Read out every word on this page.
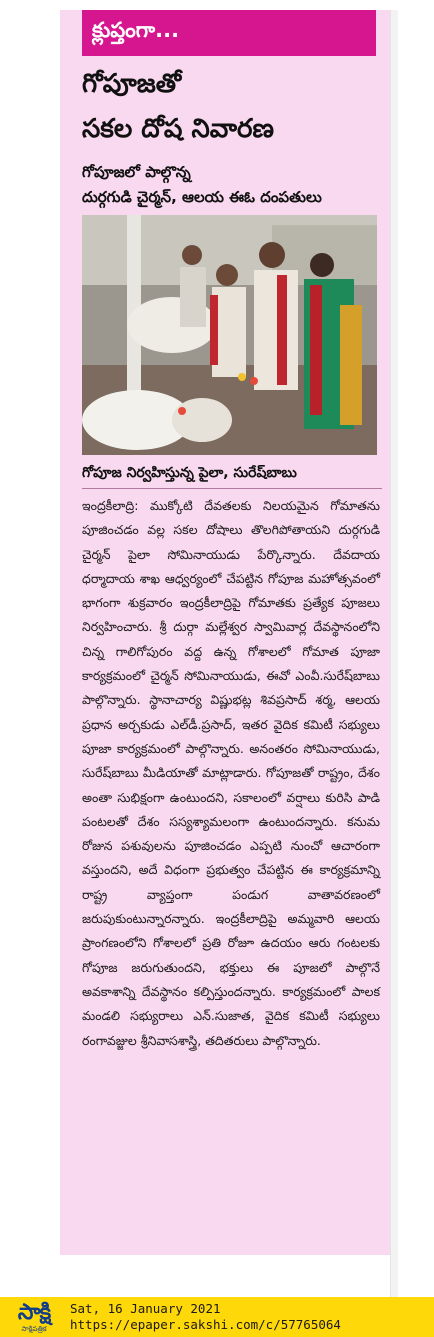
క్లుప్తంగా...
గోపూజతో
సకల దోష నివారణ
గోపూజలో పాల్గొన్న
దుర్గగుడి చైర్మన్‌, ఆలయ ఈఓ దంపతులు
గోపూజ నిర్వహిస్తున్న పైలా, సురేష్‌బాబు
ఇంద్రకీలాద్రి: ముక్కోటి దేవతలకు నిలయమైన గోమాతను పూజించడం వల్ల సకల దోషాలు తొలగిపోతాయని దుర్గగుడి చైర్మన్‌ పైలా సోమినాయుడు పేర్కొన్నారు. దేవదాయ ధర్మాదాయ శాఖ ఆధ్వర్యంలో చేపట్టిన గోపూజ మహోత్సవంలో భాగంగా శుక్రవారం ఇంద్రకీలాద్రిపై గోమాతకు ప్రత్యేక పూజలు నిర్వహించారు. శ్రీ దుర్గా మల్లేశ్వర స్వామివార్ల దేవస్థానంలోని చిన్న గాలిగోపురం వద్ద ఉన్న గోశాలలో గోమాత పూజా కార్యక్రమంలో చైర్మన్‌ సోమినాయుడు, ఈవో ఎంవీ.సురేష్‌బాబు పాల్గొన్నారు. స్థానాచార్య విష్ణుభట్ల శివప్రసాద్‌ శర్మ, ఆలయ ప్రధాన అర్చకుడు ఎల్‌డీ.ప్రసాద్‌, ఇతర వైదిక కమిటీ సభ్యులు పూజా కార్యక్రమంలో పాల్గొన్నారు. అనంతరం సోమినాయుడు, సురేష్‌బాబు మీడియాతో మాట్లాడారు. గోపూజతో రాష్ట్రం, దేశం అంతా సుభిక్షంగా ఉంటుందని, సకాలంలో వర్షాలు కురిసి పాడి పంటలతో దేశం సస్యశ్యామలంగా ఉంటుందన్నారు. కనుమ రోజున పశువులను పూజించడం ఎప్పటి నుంచో ఆచారంగా వస్తుందని, అదే విధంగా ప్రభుత్వం చేపట్టిన ఈ కార్యక్రమాన్ని రాష్ట్ర వ్యాప్తంగా పండుగ వాతావరణంలో జరుపుకుంటున్నారన్నారు. ఇంద్రకీలాద్రిపై అమ్మవారి ఆలయ ప్రాంగణంలోని గోశాలలో ప్రతి రోజూ ఉదయం ఆరు గంటలకు గోపూజ జరుగుతుందని, భక్తులు ఈ పూజలో పాల్గొనే అవకాశాన్ని దేవస్థానం కల్పిస్తుందన్నారు. కార్యక్రమంలో పాలక మండలి సభ్యురాలు ఎన్‌.సుజాత, వైదిక కమిటీ సభ్యులు రంగావజ్జుల శ్రీనివాసశాస్త్రి, తదితరులు పాల్గొన్నారు.
సాక్షి
సాక్షిపత్రిక
Sat, 16 January 2021
https://epaper.sakshi.com/c/57765064
